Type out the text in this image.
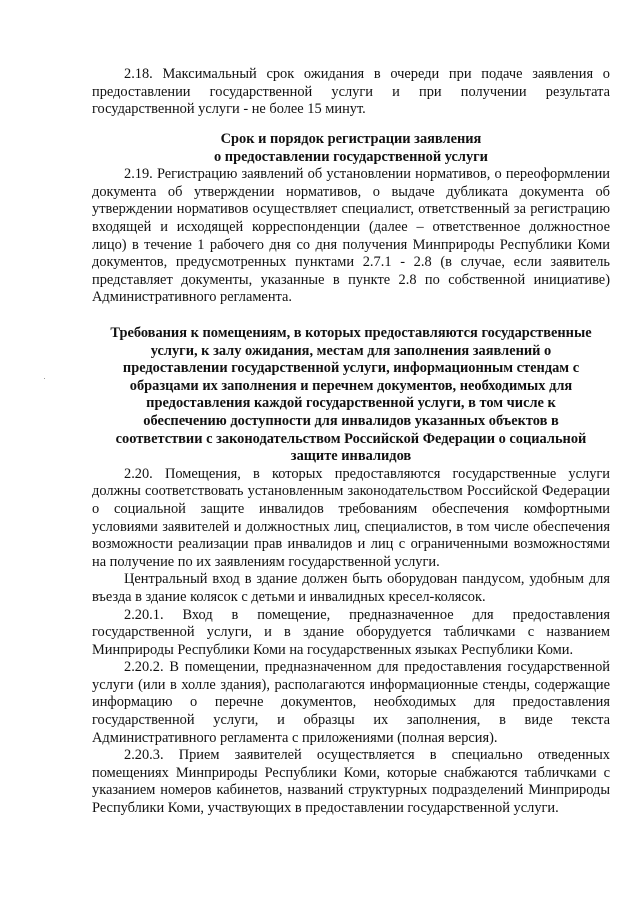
2.18. Максимальный срок ожидания в очереди при подаче заявления о предоставлении государственной услуги и при получении результата государственной услуги - не более 15 минут.

Срок и порядок регистрации заявления
о предоставлении государственной услуги

2.19. Регистрацию заявлений об установлении нормативов, о переоформлении документа об утверждении нормативов, о выдаче дубликата документа об утверждении нормативов осуществляет специалист, ответственный за регистрацию входящей и исходящей корреспонденции (далее – ответственное должностное лицо) в течение 1 рабочего дня со дня получения Минприроды Республики Коми документов, предусмотренных пунктами 2.7.1 - 2.8 (в случае, если заявитель представляет документы, указанные в пункте 2.8 по собственной инициативе) Административного регламента.

Требования к помещениям, в которых предоставляются государственные
услуги, к залу ожидания, местам для заполнения заявлений о
предоставлении государственной услуги, информационным стендам с
образцами их заполнения и перечнем документов, необходимых для
предоставления каждой государственной услуги, в том числе к
обеспечению доступности для инвалидов указанных объектов в
соответствии с законодательством Российской Федерации о социальной
защите инвалидов

2.20. Помещения, в которых предоставляются государственные услуги должны соответствовать установленным законодательством Российской Федерации о социальной защите инвалидов требованиям обеспечения комфортными условиями заявителей и должностных лиц, специалистов, в том числе обеспечения возможности реализации прав инвалидов и лиц с ограниченными возможностями на получение по их заявлениям государственной услуги.

Центральный вход в здание должен быть оборудован пандусом, удобным для въезда в здание колясок с детьми и инвалидных кресел-колясок.

2.20.1. Вход в помещение, предназначенное для предоставления государственной услуги, и в здание оборудуется табличками с названием Минприроды Республики Коми на государственных языках Республики Коми.

2.20.2. В помещении, предназначенном для предоставления государственной услуги (или в холле здания), располагаются информационные стенды, содержащие информацию о перечне документов, необходимых для предоставления государственной услуги, и образцы их заполнения, в виде текста Административного регламента с приложениями (полная версия).

2.20.3. Прием заявителей осуществляется в специально отведенных помещениях Минприроды Республики Коми, которые снабжаются табличками с указанием номеров кабинетов, названий структурных подразделений Минприроды Республики Коми, участвующих в предоставлении государственной услуги.
